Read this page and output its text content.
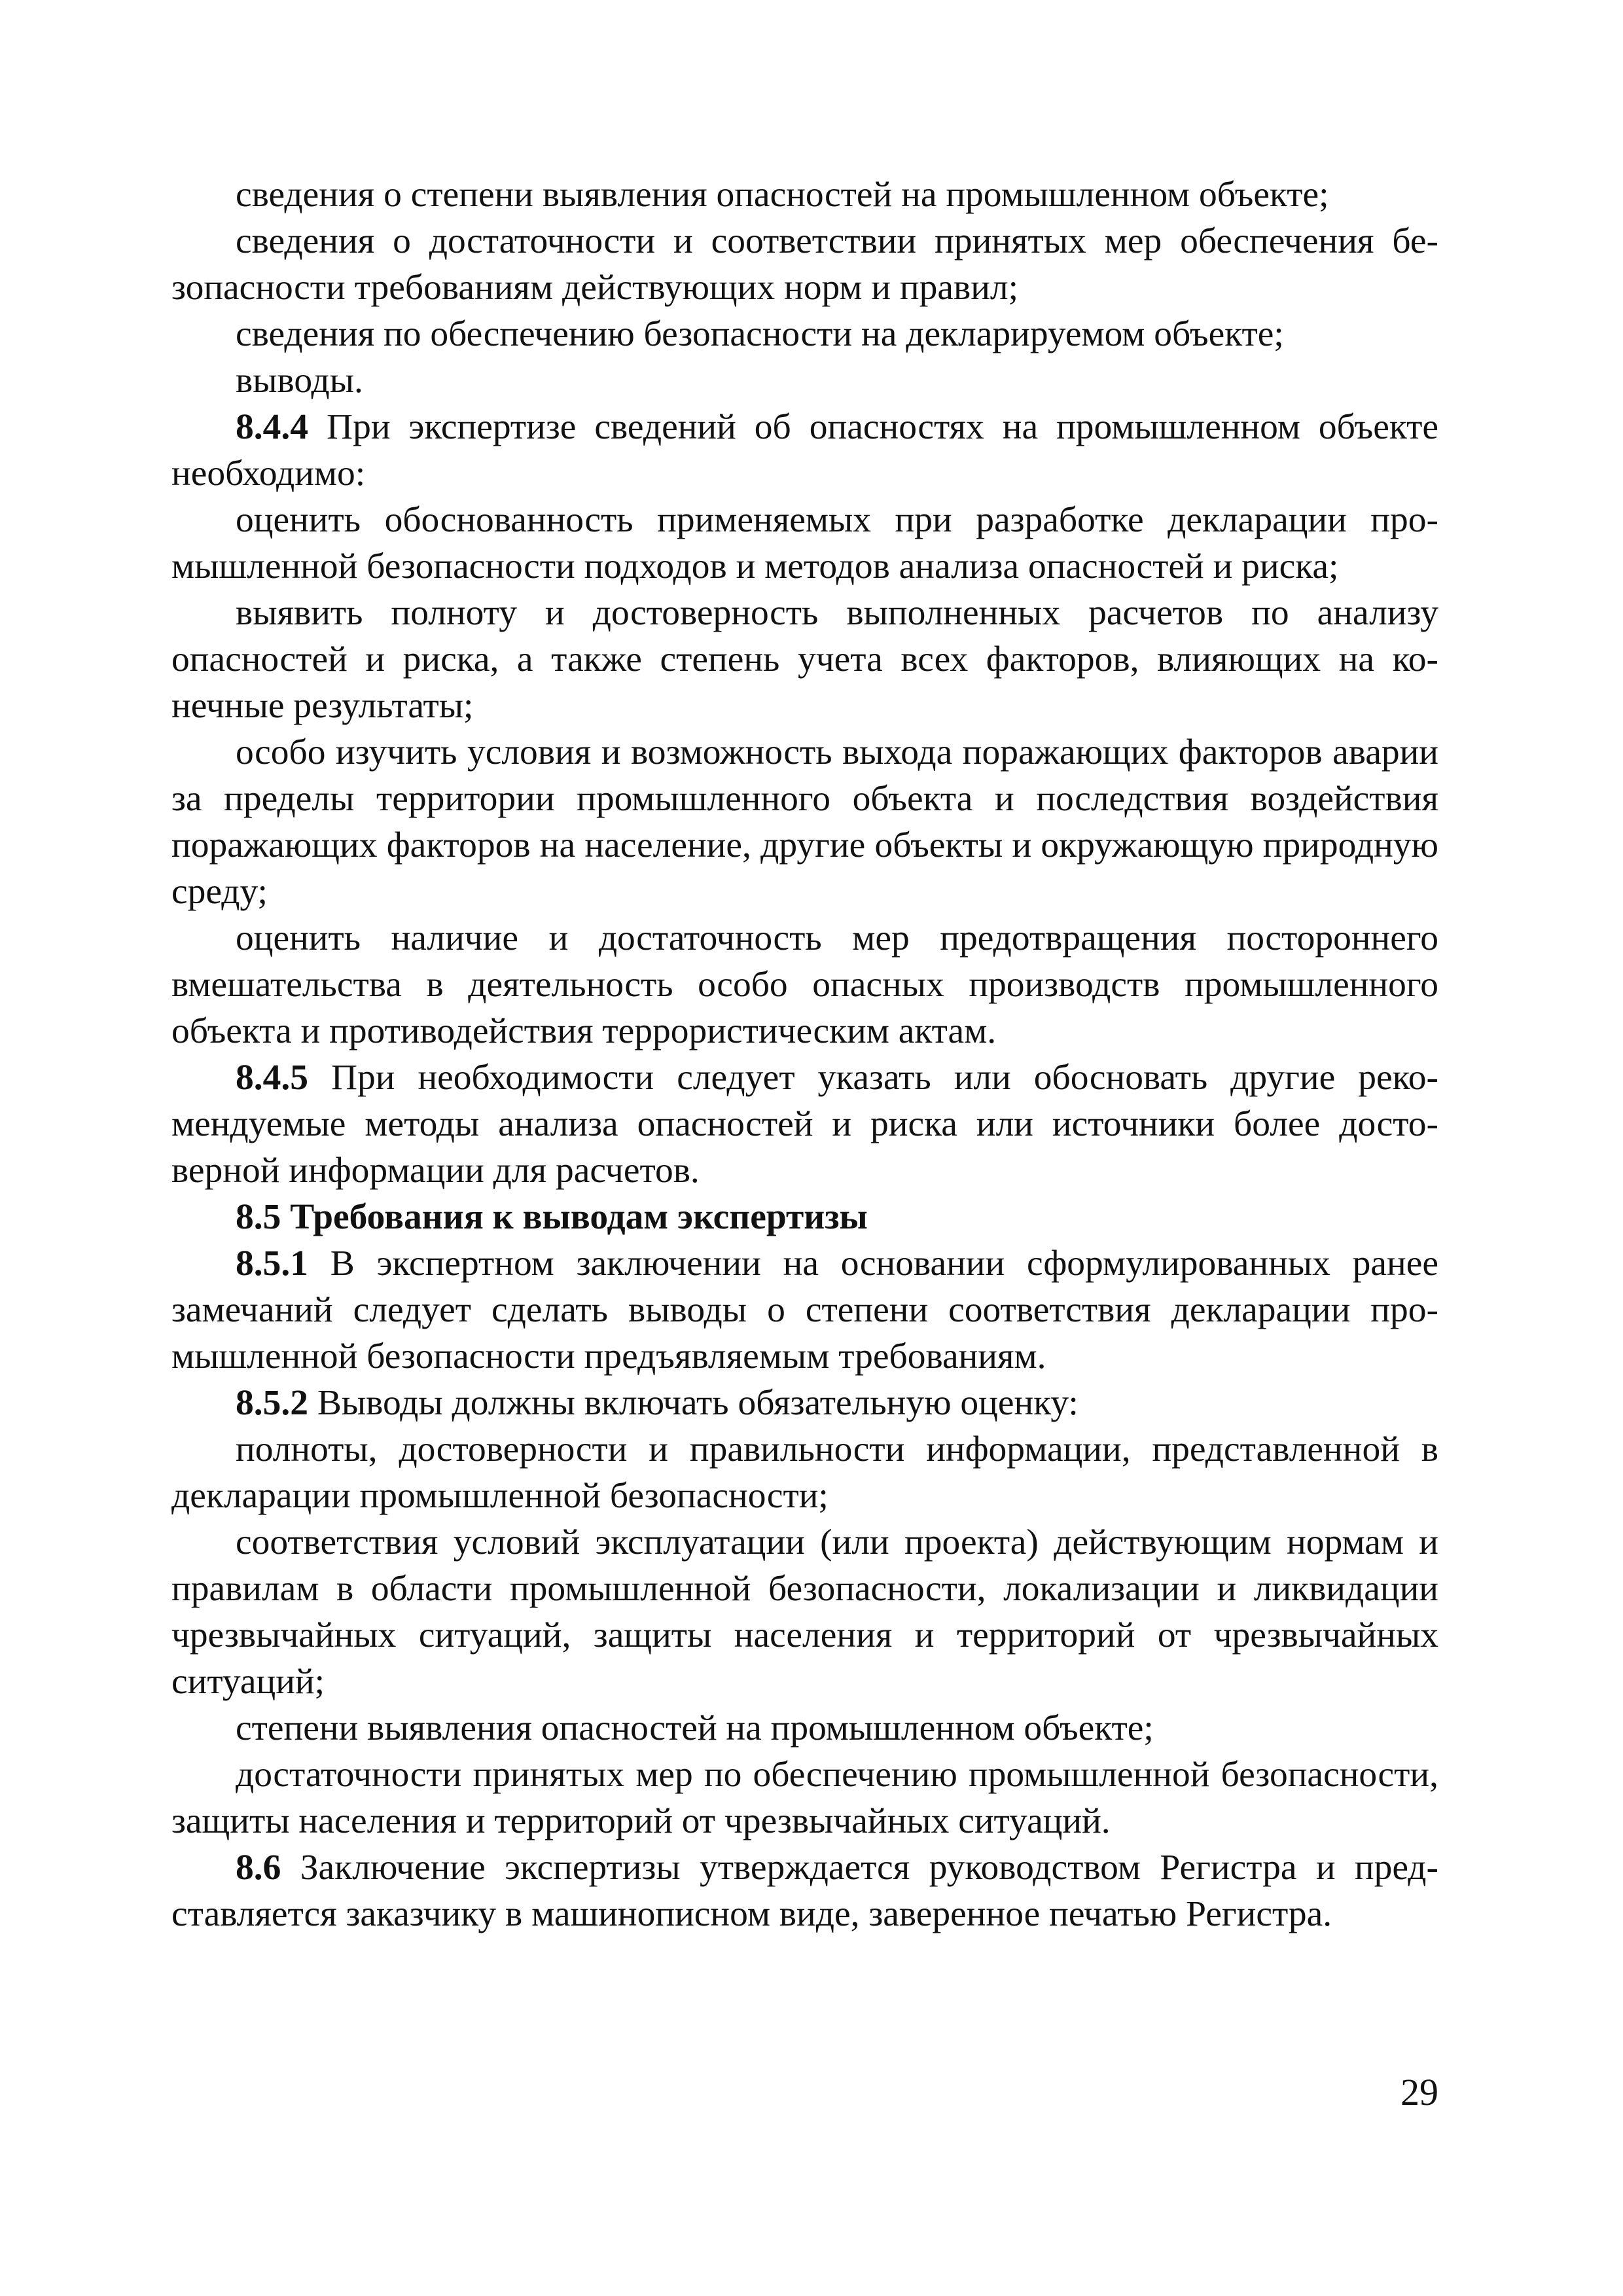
сведения о степени выявления опасностей на промышленном объекте;

сведения о достаточности и соответствии принятых мер обеспечения безопасности требованиям действующих норм и правил;

сведения по обеспечению безопасности на декларируемом объекте;

выводы.

8.4.4 При экспертизе сведений об опасностях на промышленном объекте необходимо:

оценить обоснованность применяемых при разработке декларации промышленной безопасности подходов и методов анализа опасностей и риска;

выявить полноту и достоверность выполненных расчетов по анализу опасностей и риска, а также степень учета всех факторов, влияющих на конечные результаты;

особо изучить условия и возможность выхода поражающих факторов аварии за пределы территории промышленного объекта и последствия воздействия поражающих факторов на население, другие объекты и окружающую природную среду;

оценить наличие и достаточность мер предотвращения постороннего вмешательства в деятельность особо опасных производств промышленного объекта и противодействия террористическим актам.

8.4.5 При необходимости следует указать или обосновать другие рекомендуемые методы анализа опасностей и риска или источники более достоверной информации для расчетов.

8.5 Требования к выводам экспертизы

8.5.1 В экспертном заключении на основании сформулированных ранее замечаний следует сделать выводы о степени соответствия декларации промышленной безопасности предъявляемым требованиям.

8.5.2 Выводы должны включать обязательную оценку:

полноты, достоверности и правильности информации, представленной в декларации промышленной безопасности;

соответствия условий эксплуатации (или проекта) действующим нормам и правилам в области промышленной безопасности, локализации и ликвидации чрезвычайных ситуаций, защиты населения и территорий от чрезвычайных ситуаций;

степени выявления опасностей на промышленном объекте;

достаточности принятых мер по обеспечению промышленной безопасности, защиты населения и территорий от чрезвычайных ситуаций.

8.6 Заключение экспертизы утверждается руководством Регистра и представляется заказчику в машинописном виде, заверенное печатью Регистра.

29
